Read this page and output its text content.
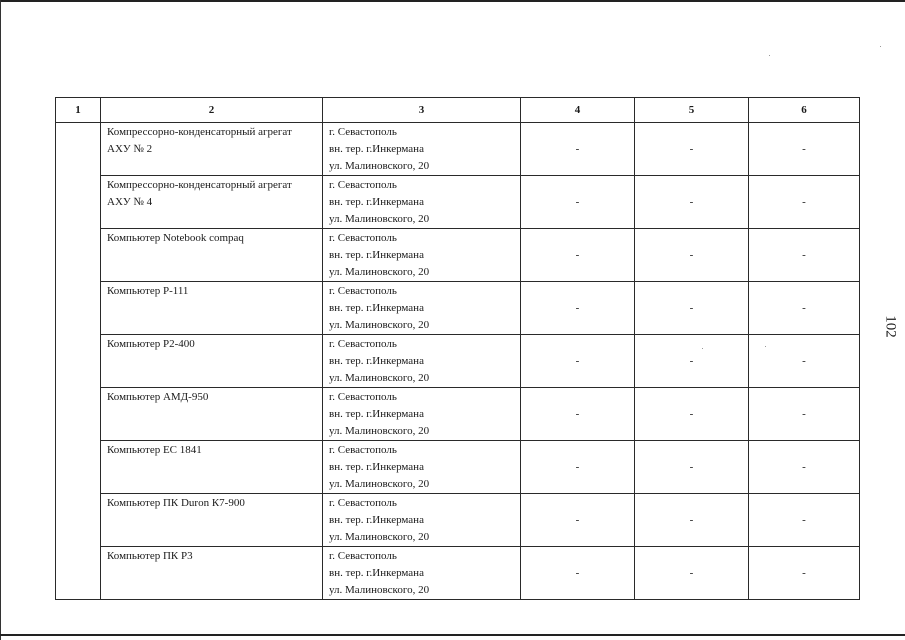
102
1	2	3	4	5	6
	Компрессорно-конденсаторный агрегат АХУ № 2	г. Севастополь
вн. тер. г.Инкермана
ул. Малиновского, 20	-	-	-
	Компрессорно-конденсаторный агрегат АХУ № 4	г. Севастополь
вн. тер. г.Инкермана
ул. Малиновского, 20	-	-	-
	Компьютер Notebook compaq	г. Севастополь
вн. тер. г.Инкермана
ул. Малиновского, 20	-	-	-
	Компьютер Р-111	г. Севастополь
вн. тер. г.Инкермана
ул. Малиновского, 20	-	-	-
	Компьютер Р2-400	г. Севастополь
вн. тер. г.Инкермана
ул. Малиновского, 20	-	-	-
	Компьютер АМД-950	г. Севастополь
вн. тер. г.Инкермана
ул. Малиновского, 20	-	-	-
	Компьютер ЕС 1841	г. Севастополь
вн. тер. г.Инкермана
ул. Малиновского, 20	-	-	-
	Компьютер ПК Duron К7-900	г. Севастополь
вн. тер. г.Инкермана
ул. Малиновского, 20	-	-	-
	Компьютер ПК Р3	г. Севастополь
вн. тер. г.Инкермана
ул. Малиновского, 20	-	-	-
